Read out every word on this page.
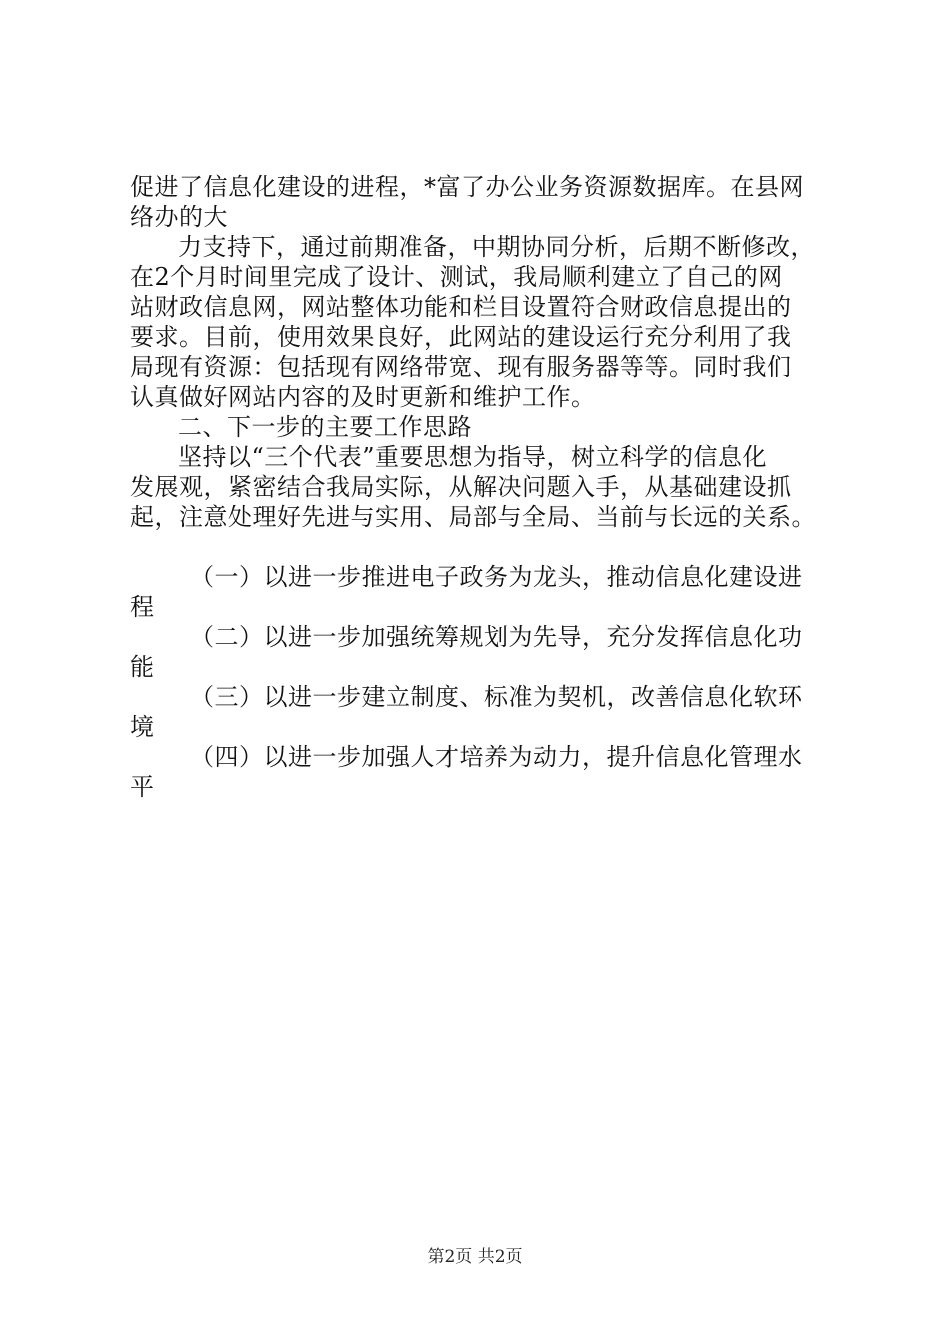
促进了信息化建设的进程，*富了办公业务资源数据库。在县网
络办的大
力支持下，通过前期准备，中期协同分析，后期不断修改，
在2个月时间里完成了设计、测试，我局顺利建立了自己的网
站财政信息网，网站整体功能和栏目设置符合财政信息提出的
要求。目前，使用效果良好，此网站的建设运行充分利用了我
局现有资源：包括现有网络带宽、现有服务器等等。同时我们
认真做好网站内容的及时更新和维护工作。
二、下一步的主要工作思路
坚持以“三个代表”重要思想为指导，树立科学的信息化
发展观，紧密结合我局实际，从解决问题入手，从基础建设抓
起，注意处理好先进与实用、局部与全局、当前与长远的关系。
（一）以进一步推进电子政务为龙头，推动信息化建设进
程
（二）以进一步加强统筹规划为先导，充分发挥信息化功
能
（三）以进一步建立制度、标准为契机，改善信息化软环
境
（四）以进一步加强人才培养为动力，提升信息化管理水
平
第2页 共2页
